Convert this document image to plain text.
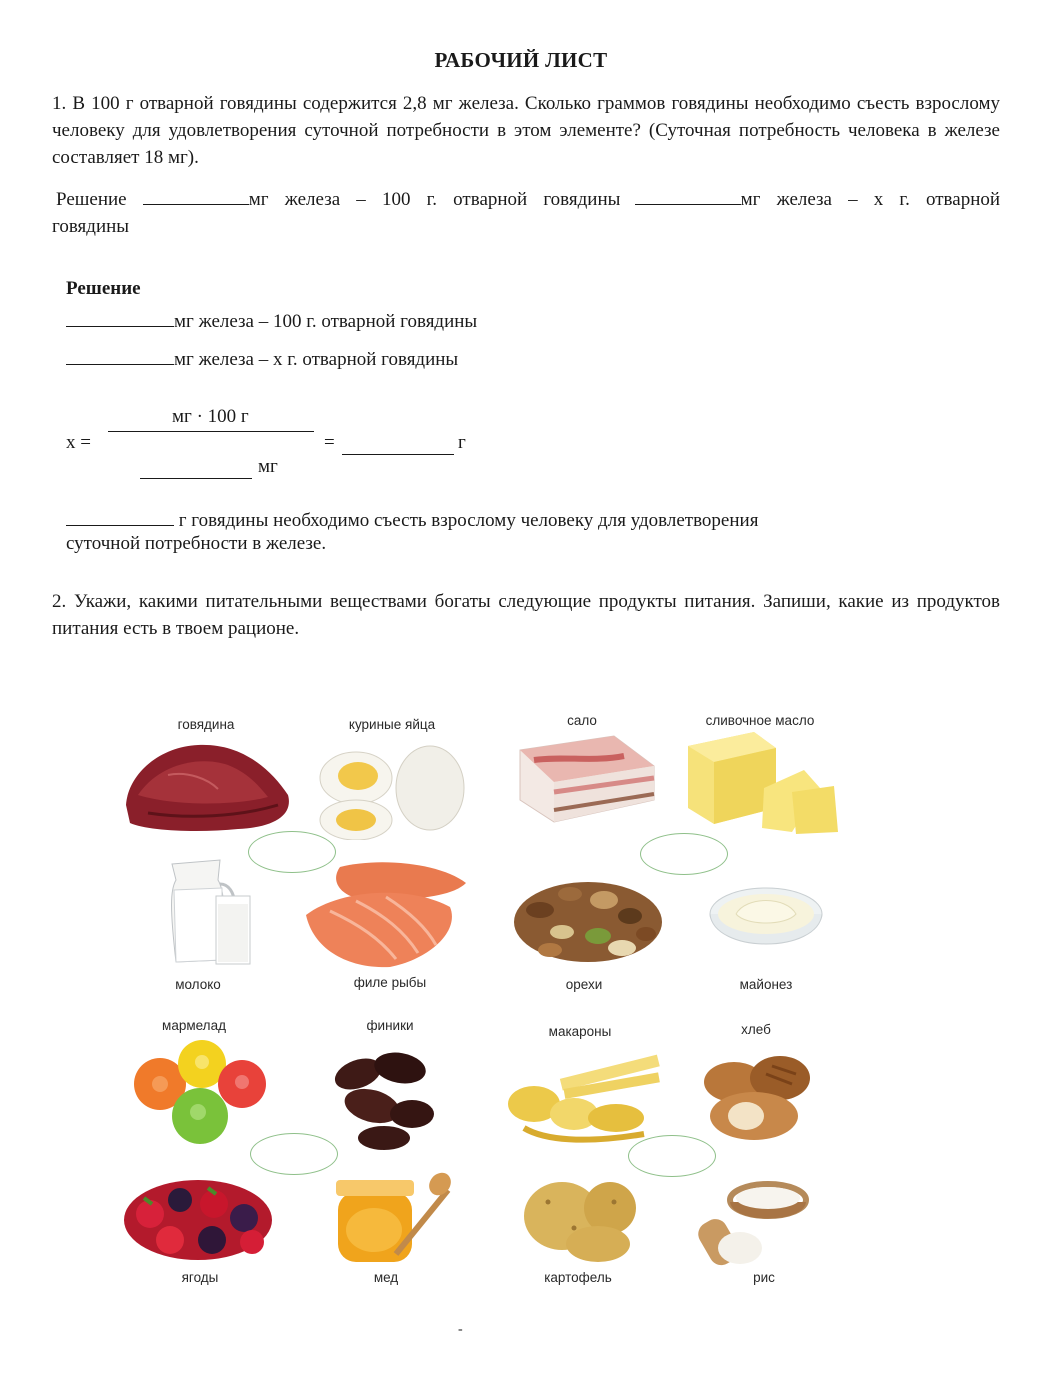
РАБОЧИЙ ЛИСТ
1. В 100 г отварной говядины содержится 2,8 мг железа. Сколько граммов говядины необходимо съесть взрослому человеку для удовлетворения суточной потребности в этом элементе? (Суточная потребность человека в железе составляет 18 мг).
Решение	мг железа – 100 г. отварной говядины	мг железа – х г. отварной говядины
Решение
мг железа – 100 г. отварной говядины
мг железа – х г. отварной говядины
х =
мг · 100 г
=	г
мг
г говядины необходимо съесть взрослому человеку для удовлетворения
суточной потребности в железе.
2. Укажи, какими питательными веществами богаты следующие продукты питания. Запиши, какие из продуктов питания есть в твоем рационе.
говядина	куриные яйца	сало	сливочное масло
молоко	филе рыбы	орехи	майонез
мармелад	финики	макароны	хлеб
ягоды	мед	картофель	рис
-
